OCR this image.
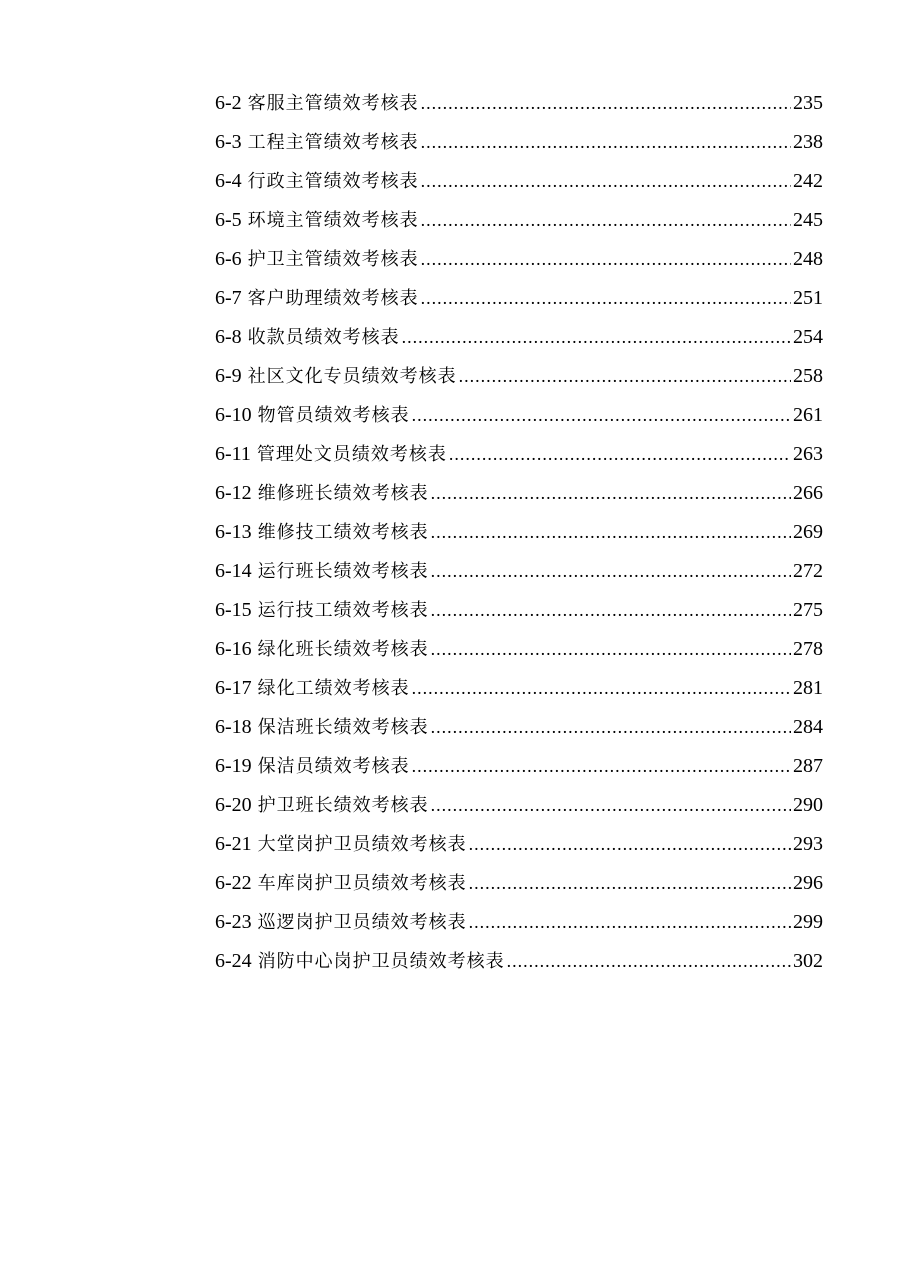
6-2 客服主管绩效考核表 .....	235
6-3 工程主管绩效考核表 .....	238
6-4 行政主管绩效考核表 .....	242
6-5 环境主管绩效考核表 .....	245
6-6 护卫主管绩效考核表 .....	248
6-7 客户助理绩效考核表 .....	251
6-8 收款员绩效考核表 .....	254
6-9 社区文化专员绩效考核表 .....	258
6-10 物管员绩效考核表 .....	261
6-11 管理处文员绩效考核表 .....	263
6-12 维修班长绩效考核表 .....	266
6-13 维修技工绩效考核表 .....	269
6-14 运行班长绩效考核表 .....	272
6-15 运行技工绩效考核表 .....	275
6-16 绿化班长绩效考核表 .....	278
6-17 绿化工绩效考核表 .....	281
6-18 保洁班长绩效考核表 .....	284
6-19 保洁员绩效考核表 .....	287
6-20 护卫班长绩效考核表 .....	290
6-21 大堂岗护卫员绩效考核表 .....	293
6-22 车库岗护卫员绩效考核表 .....	296
6-23 巡逻岗护卫员绩效考核表 .....	299
6-24 消防中心岗护卫员绩效考核表 .....	302
